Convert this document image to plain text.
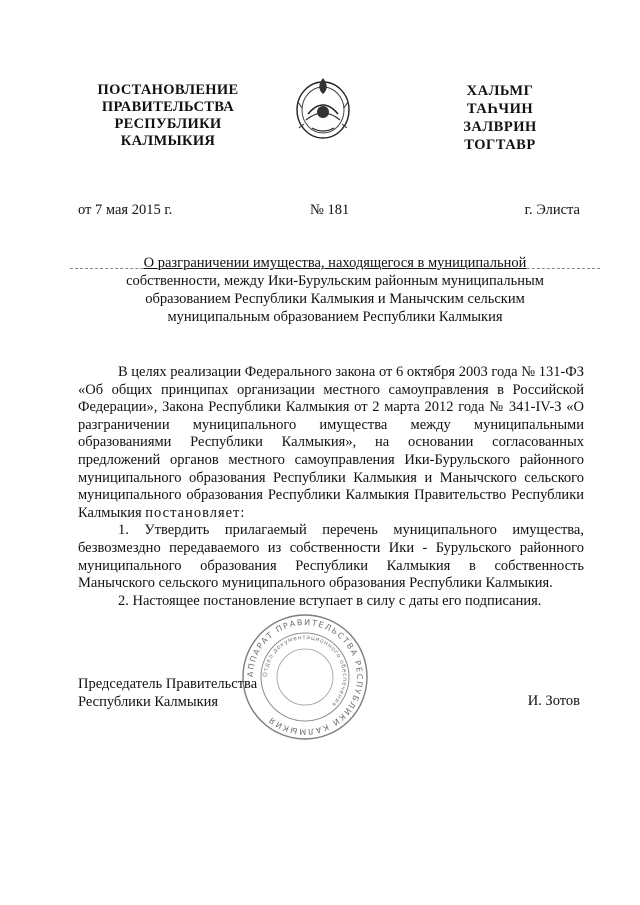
ПОСТАНОВЛЕНИЕ
ПРАВИТЕЛЬСТВА
РЕСПУБЛИКИ
КАЛМЫКИЯ
ХАЛЬМГ
ТАҺЧИН
ЗАЛВРИН
ТОГТАВР
от 7 мая 2015 г.	№ 181	г. Элиста
О разграничении имущества, находящегося в муниципальной
собственности, между Ики-Бурульским районным муниципальным
образованием Республики Калмыкия и Манычским сельским
муниципальным образованием Республики Калмыкия

В целях реализации Федерального закона от 6 октября 2003 года № 131-ФЗ «Об общих принципах организации местного самоуправления в Российской Федерации», Закона Республики Калмыкия от 2 марта 2012 года № 341-IV-З «О разграничении муниципального имущества между муниципальными образованиями Республики Калмыкия», на основании согласованных предложений органов местного самоуправления Ики-Бурульского районного муниципального образования Республики Калмыкия и Манычского сельского муниципального образования Республики Калмыкия Правительство Республики Калмыкия постановляет:

1. Утвердить прилагаемый перечень муниципального имущества, безвозмездно передаваемого из собственности Ики - Бурульского районного муниципального образования Республики Калмыкия в собственность Манычского сельского муниципального образования Республики Калмыкия.

2. Настоящее постановление вступает в силу с даты его подписания.

Председатель Правительства
Республики Калмыкия	И. Зотов
АППАРАТ ПРАВИТЕЛЬСТВА РЕСПУБЛИКИ КАЛМЫКИЯ
Отдел документационного обеспечения
